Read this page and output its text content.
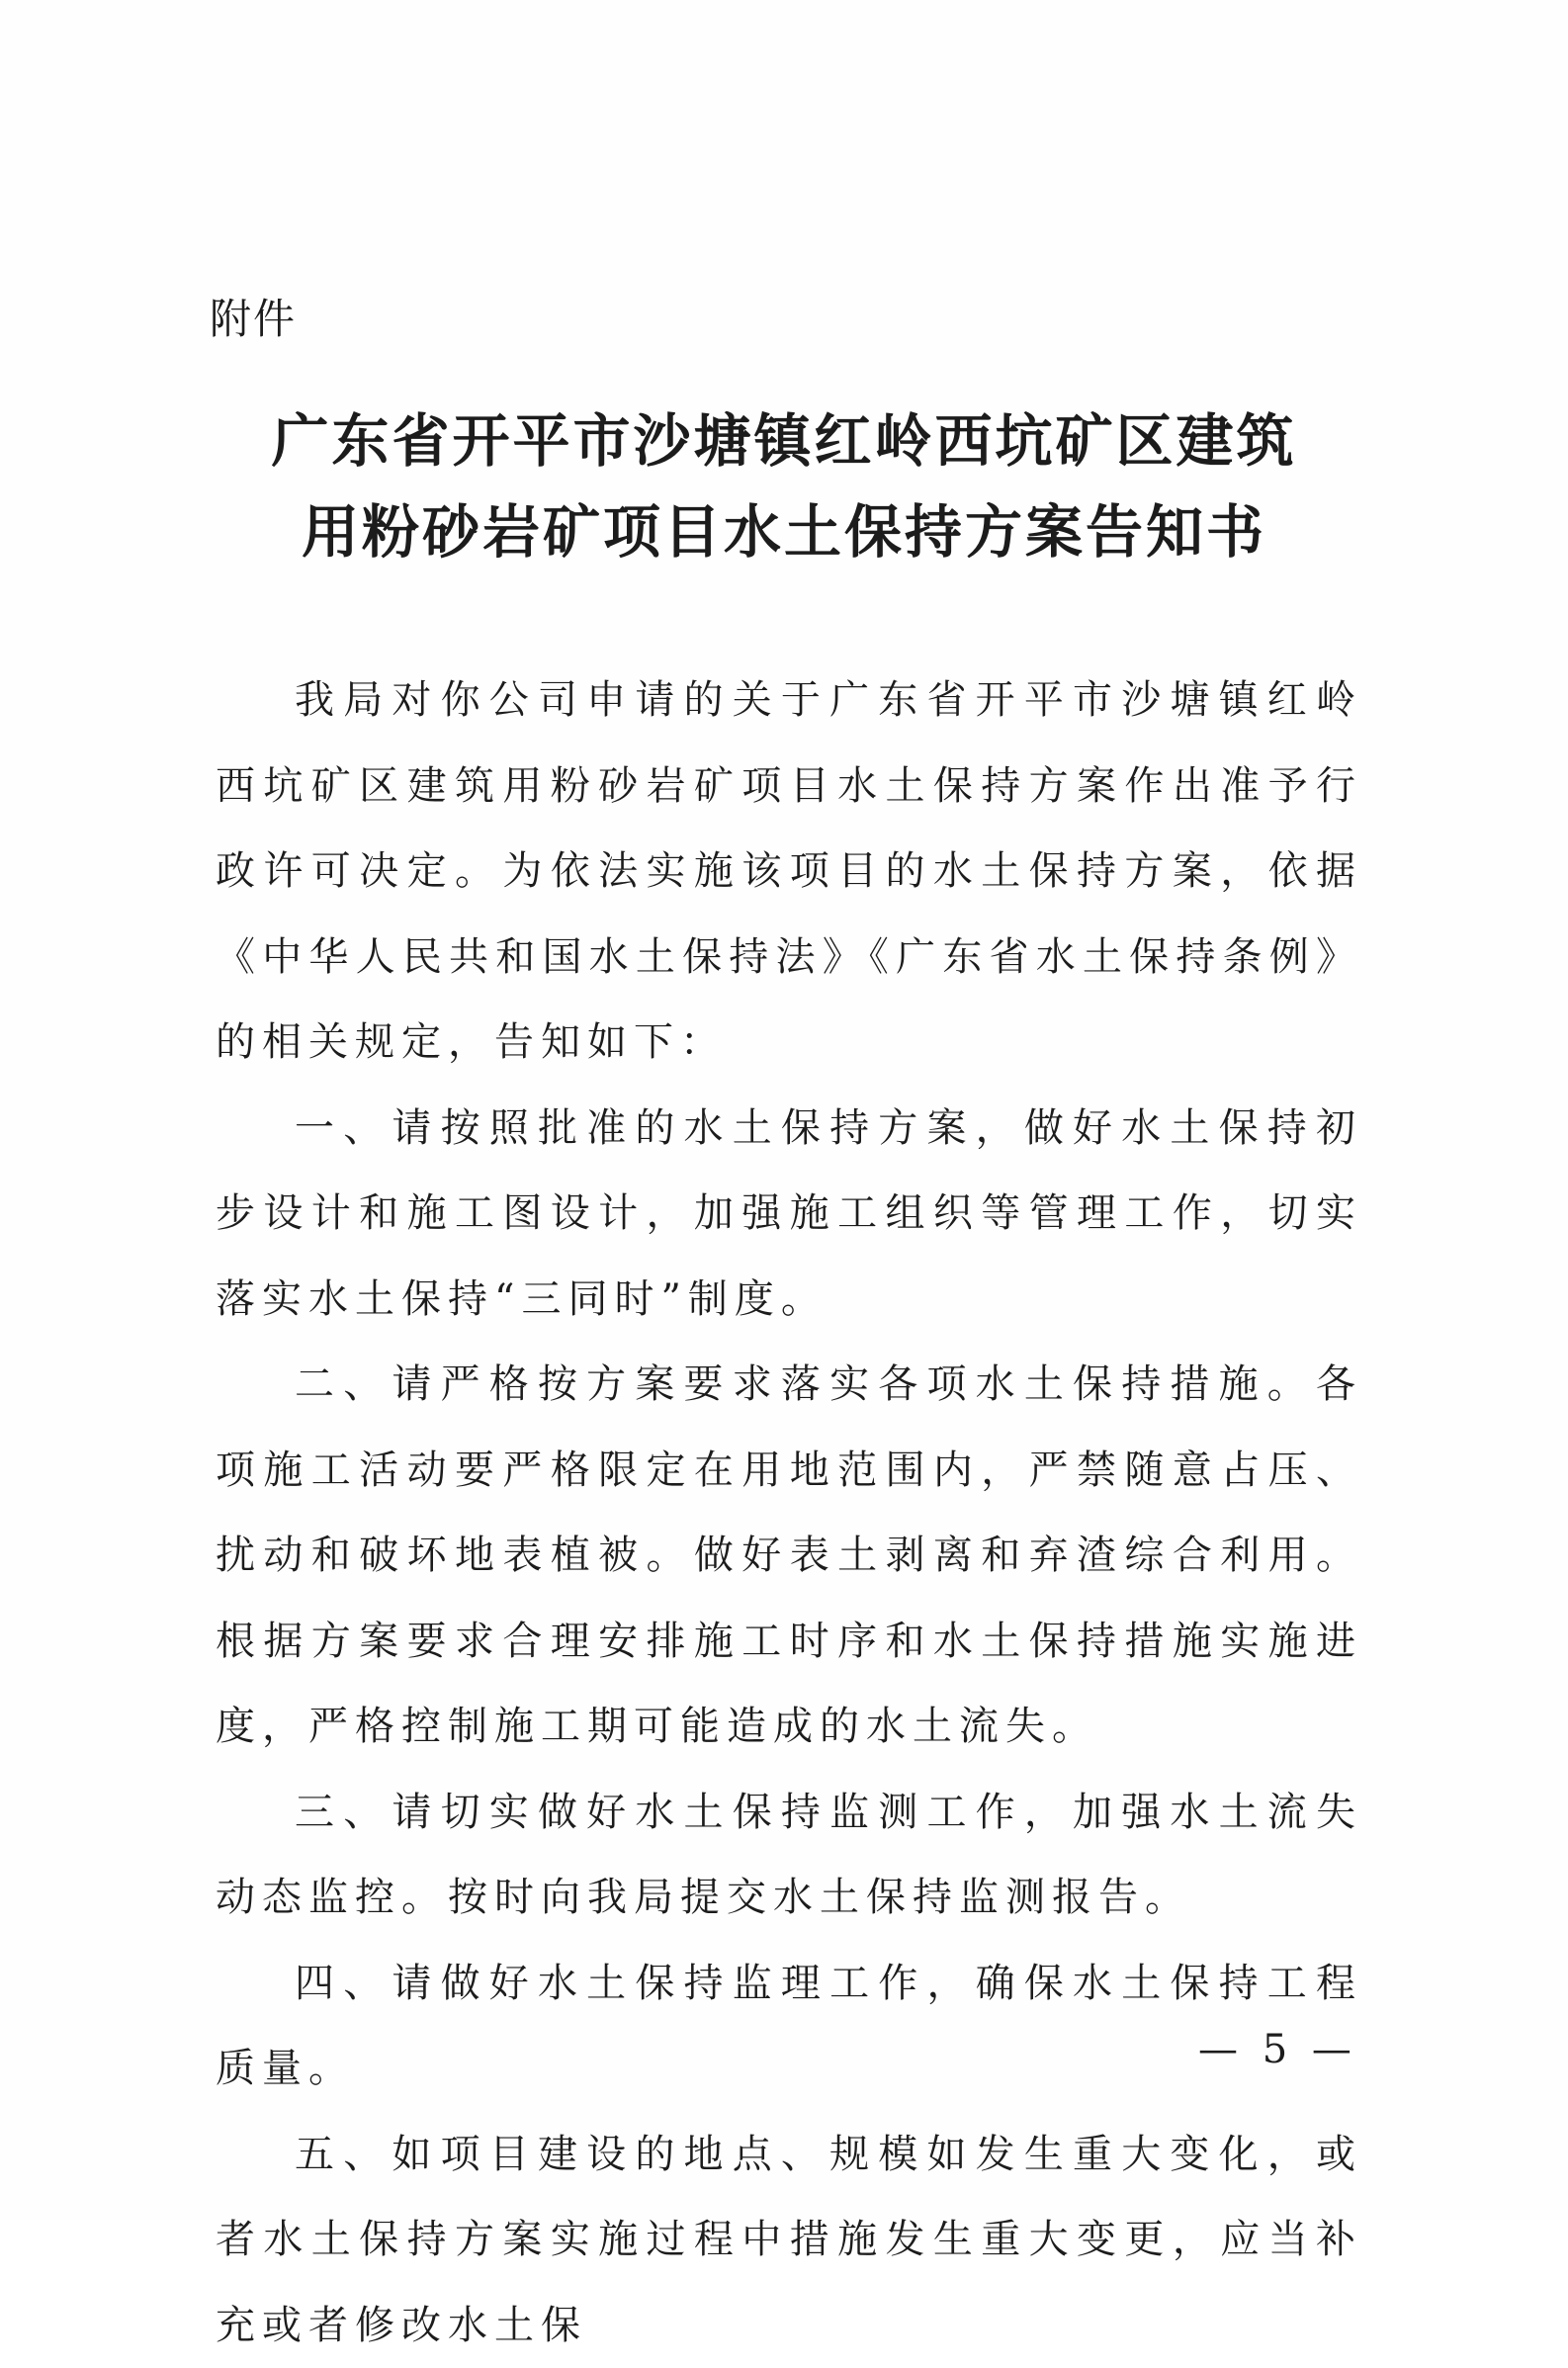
附件
广东省开平市沙塘镇红岭西坑矿区建筑
用粉砂岩矿项目水土保持方案告知书

我局对你公司申请的关于广东省开平市沙塘镇红岭西坑矿区建筑用粉砂岩矿项目水土保持方案作出准予行政许可决定。为依法实施该项目的水土保持方案，依据《中华人民共和国水土保持法》《广东省水土保持条例》的相关规定，告知如下：

一、请按照批准的水土保持方案，做好水土保持初步设计和施工图设计，加强施工组织等管理工作，切实落实水土保持“三同时”制度。

二、请严格按方案要求落实各项水土保持措施。各项施工活动要严格限定在用地范围内，严禁随意占压、扰动和破坏地表植被。做好表土剥离和弃渣综合利用。根据方案要求合理安排施工时序和水土保持措施实施进度，严格控制施工期可能造成的水土流失。

三、请切实做好水土保持监测工作，加强水土流失动态监控。按时向我局提交水土保持监测报告。

四、请做好水土保持监理工作，确保水土保持工程质量。

五、如项目建设的地点、规模如发生重大变化，或者水土保持方案实施过程中措施发生重大变更，应当补充或者修改水土保

— 5 —
